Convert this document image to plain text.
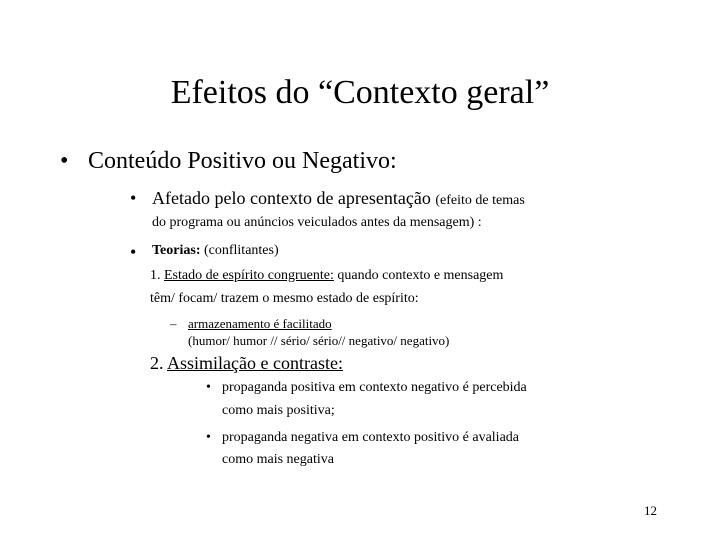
Efeitos do “Contexto geral”
• Conteúdo Positivo ou Negativo:
• Afetado pelo contexto de apresentação (efeito de temas
do programa ou anúncios veiculados antes da mensagem) :
• Teorias: (conflitantes)
1. Estado de espírito congruente: quando contexto e mensagem
têm/ focam/ trazem o mesmo estado de espírito:
– armazenamento é facilitado
(humor/ humor // sério/ sério// negativo/ negativo)
2. Assimilação e contraste:
• propaganda positiva em contexto negativo é percebida
como mais positiva;
• propaganda negativa em contexto positivo é avaliada
como mais negativa
12
